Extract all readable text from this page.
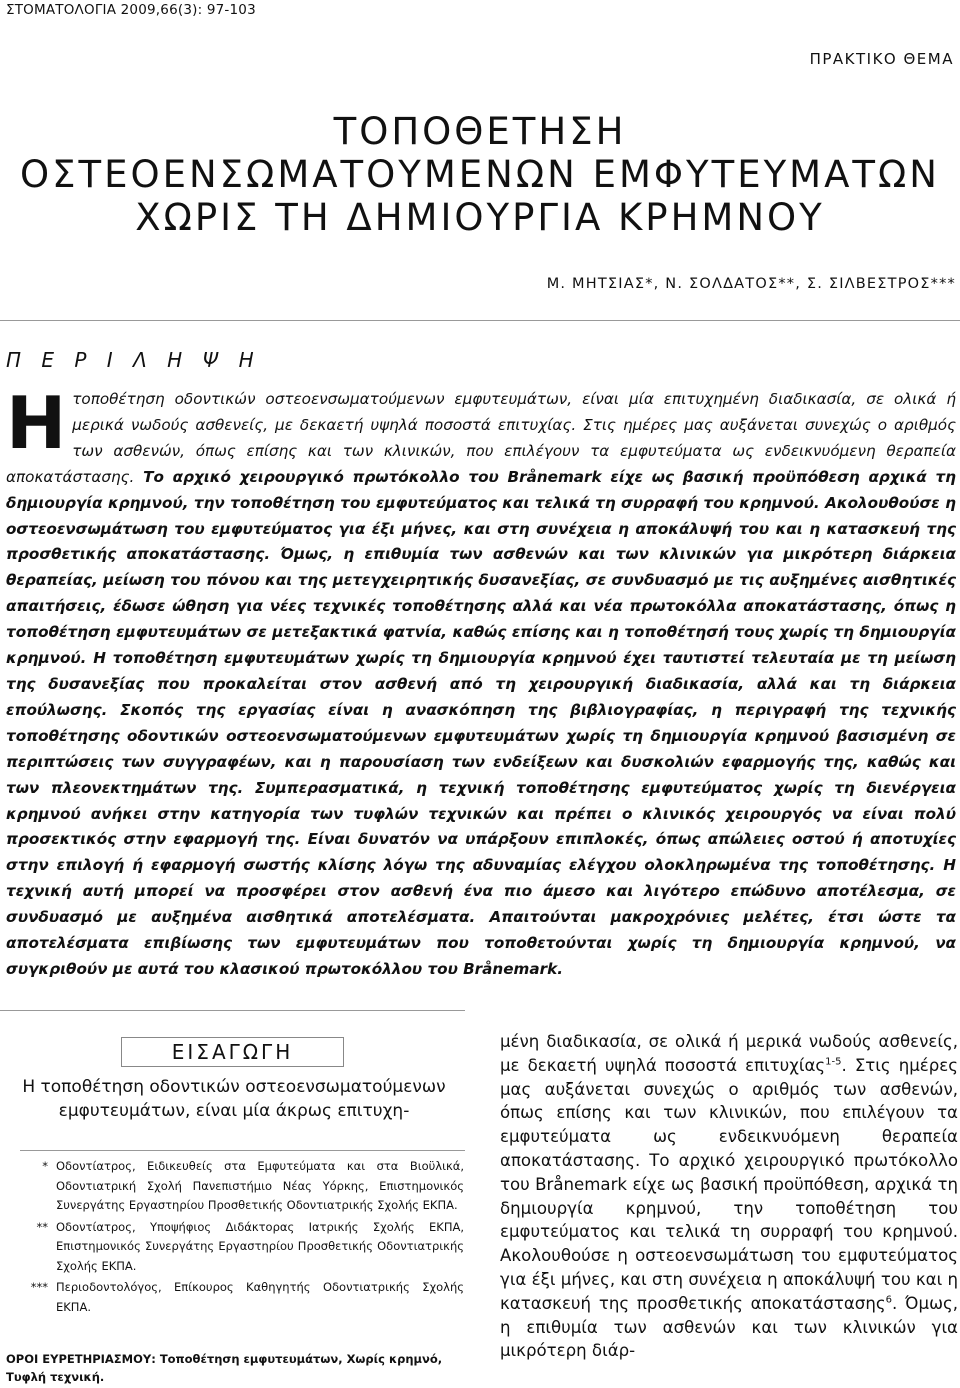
ΣΤΟΜΑΤΟΛΟΓΙΑ 2009,66(3): 97-103
ΠΡΑΚΤΙΚΟ ΘΕΜΑ
ΤΟΠΟΘΕΤΗΣΗ
ΟΣΤΕΟΕΝΣΩΜΑΤΟΥΜΕΝΩΝ ΕΜΦΥΤΕΥΜΑΤΩΝ
ΧΩΡΙΣ ΤΗ ΔΗΜΙΟΥΡΓΙΑ ΚΡΗΜΝΟΥ
Μ. ΜΗΤΣΙΑΣ*, Ν. ΣΟΛΔΑΤΟΣ**, Σ. ΣΙΛΒΕΣΤΡΟΣ***
Π Ε Ρ Ι Λ Η Ψ Η

Ητοποθέτηση οδοντικών οστεοενσωματούμενων εμφυτευμάτων, είναι μία επιτυχημένη διαδικασία, σε ολικά ή μερικά νωδούς ασθενείς, με δεκαετή υψηλά ποσοστά επιτυχίας. Στις ημέρες μας αυξάνεται συνεχώς ο αριθμός των ασθενών, όπως επίσης και των κλινικών, που επιλέγουν τα εμφυτεύματα ως ενδεικνυόμενη θεραπεία αποκατάστασης. Το αρχικό χειρουργικό πρωτόκολλο του Brånemark είχε ως βασική προϋπόθεση αρχικά τη δημιουργία κρημνού, την τοποθέτηση του εμφυτεύματος και τελικά τη συρραφή του κρημνού. Ακολουθούσε η οστεοενσωμάτωση του εμφυτεύματος για έξι μήνες, και στη συνέχεια η αποκάλυψή του και η κατασκευή της προσθετικής αποκατάστασης. Όμως, η επιθυμία των ασθενών και των κλινικών για μικρότερη διάρκεια θεραπείας, μείωση του πόνου και της μετεγχειρητικής δυσανεξίας, σε συνδυασμό με τις αυξημένες αισθητικές απαιτήσεις, έδωσε ώθηση για νέες τεχνικές τοποθέτησης αλλά και νέα πρωτοκόλλα αποκατάστασης, όπως η τοποθέτηση εμφυτευμάτων σε μετεξακτικά φατνία, καθώς επίσης και η τοποθέτησή τους χωρίς τη δημιουργία κρημνού. Η τοποθέτηση εμφυτευμάτων χωρίς τη δημιουργία κρημνού έχει ταυτιστεί τελευταία με τη μείωση της δυσανεξίας που προκαλείται στον ασθενή από τη χειρουργική διαδικασία, αλλά και τη διάρκεια επούλωσης. Σκοπός της εργασίας είναι η ανασκόπηση της βιβλιογραφίας, η περιγραφή της τεχνικής τοποθέτησης οδοντικών οστεοενσωματούμενων εμφυτευμάτων χωρίς τη δημιουργία κρημνού βασισμένη σε περιπτώσεις των συγγραφέων, και η παρουσίαση των ενδείξεων και δυσκολιών εφαρμογής της, καθώς και των πλεονεκτημάτων της. Συμπερασματικά, η τεχνική τοποθέτησης εμφυτεύματος χωρίς τη διενέργεια κρημνού ανήκει στην κατηγορία των τυφλών τεχνικών και πρέπει ο κλινικός χειρουργός να είναι πολύ προσεκτικός στην εφαρμογή της. Είναι δυνατόν να υπάρξουν επιπλοκές, όπως απώλειες οστού ή αποτυχίες στην επιλογή ή εφαρμογή σωστής κλίσης λόγω της αδυναμίας ελέγχου ολοκληρωμένα της τοποθέτησης. Η τεχνική αυτή μπορεί να προσφέρει στον ασθενή ένα πιο άμεσο και λιγότερο επώδυνο αποτέλεσμα, σε συνδυασμό με αυξημένα αισθητικά αποτελέσματα. Απαιτούνται μακροχρόνιες μελέτες, έτσι ώστε τα αποτελέσματα επιβίωσης των εμφυτευμάτων που τοποθετούνται χωρίς τη δημιουργία κρημνού, να συγκριθούν με αυτά του κλασικού πρωτοκόλλου του Brånemark.

ΕΙΣΑΓΩΓΗ

Η τοποθέτηση οδοντικών οστεοενσωματούμενων εμφυτευμάτων, είναι μία άκρως επιτυχη-

* Οδοντίατρος, Ειδικευθείς στα Εμφυτεύματα και στα Βιοϋλικά, Οδοντιατρική Σχολή Πανεπιστήμιο Νέας Υόρκης, Επιστημονικός Συνεργάτης Εργαστηρίου Προσθετικής Οδοντιατρικής Σχολής ΕΚΠΑ.
** Οδοντίατρος, Υποψήφιος Διδάκτορας Ιατρικής Σχολής ΕΚΠΑ, Επιστημονικός Συνεργάτης Εργαστηρίου Προσθετικής Οδοντιατρικής Σχολής ΕΚΠΑ.
*** Περιοδοντολόγος, Επίκουρος Καθηγητής Οδοντιατρικής Σχολής ΕΚΠΑ.
ΟΡΟΙ ΕΥΡΕΤΗΡΙΑΣΜΟΥ: Τοποθέτηση εμφυτευμάτων, Χωρίς κρημνό, Τυφλή τεχνική.

μένη διαδικασία, σε ολικά ή μερικά νωδούς ασθενείς, με δεκαετή υψηλά ποσοστά επιτυχίας$^{1-5}$. Στις ημέρες μας αυξάνεται συνεχώς ο αριθμός των ασθενών, όπως επίσης και των κλινικών, που επιλέγουν τα εμφυτεύματα ως ενδεικνυόμενη θεραπεία αποκατάστασης. Το αρχικό χειρουργικό πρωτόκολλο του Brånemark είχε ως βασική προϋπόθεση, αρχικά τη δημιουργία κρημνού, την τοποθέτηση του εμφυτεύματος και τελικά τη συρραφή του κρημνού. Ακολουθούσε η οστεοενσωμάτωση του εμφυτεύματος για έξι μήνες, και στη συνέχεια η αποκάλυψή του και η κατασκευή της προσθετικής αποκατάστασης$^6$. Όμως, η επιθυμία των ασθενών και των κλινικών για μικρότερη διάρ-
